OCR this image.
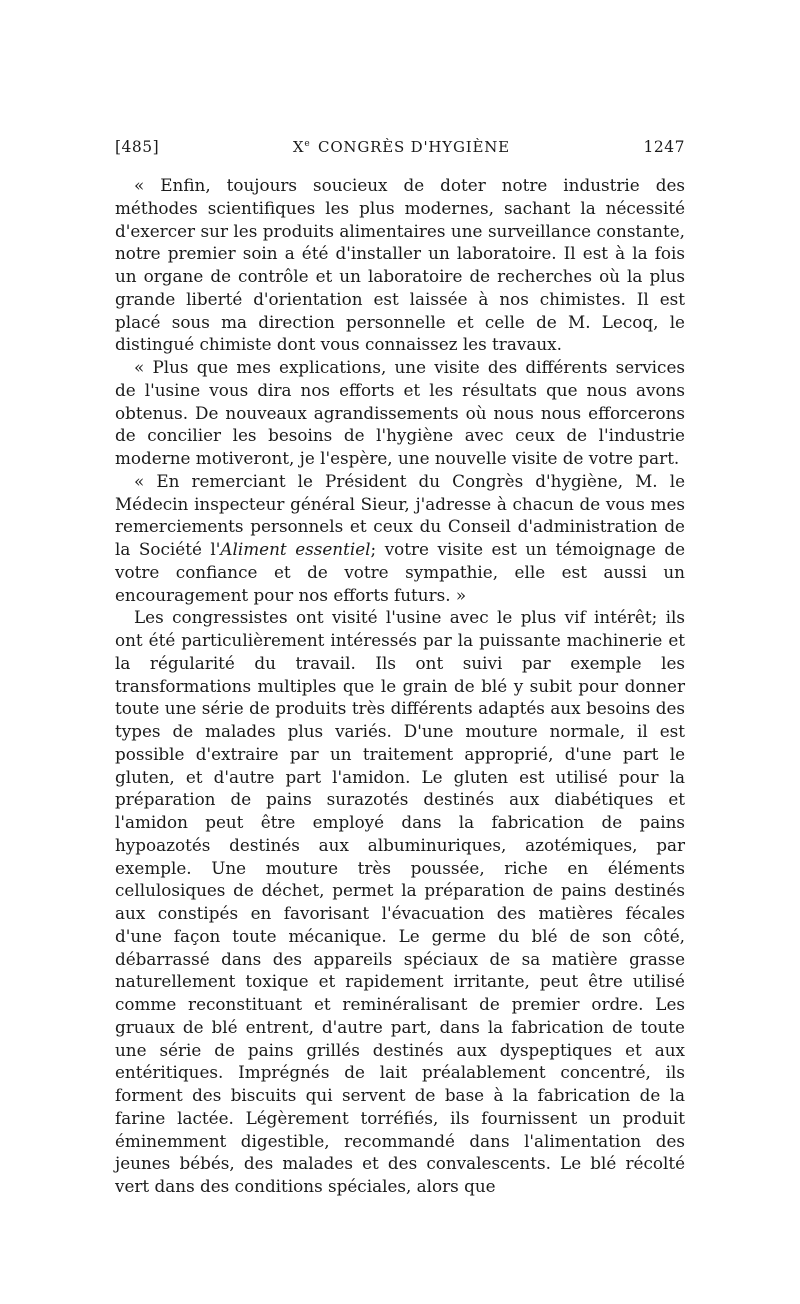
[485]	Xe CONGRÈS D'HYGIÈNE	1247

« Enfin, toujours soucieux de doter notre industrie des méthodes scientifiques les plus modernes, sachant la nécessité d'exercer sur les produits alimentaires une surveillance constante, notre premier soin a été d'installer un laboratoire. Il est à la fois un organe de contrôle et un laboratoire de recherches où la plus grande liberté d'orientation est laissée à nos chimistes. Il est placé sous ma direction personnelle et celle de M. Lecoq, le distingué chimiste dont vous connaissez les travaux.

« Plus que mes explications, une visite des différents services de l'usine vous dira nos efforts et les résultats que nous avons obtenus. De nouveaux agrandissements où nous nous efforcerons de concilier les besoins de l'hygiène avec ceux de l'industrie moderne motiveront, je l'espère, une nouvelle visite de votre part.

« En remerciant le Président du Congrès d'hygiène, M. le Médecin inspecteur général Sieur, j'adresse à chacun de vous mes remerciements personnels et ceux du Conseil d'administration de la Société l'Aliment essentiel; votre visite est un témoignage de votre confiance et de votre sympathie, elle est aussi un encouragement pour nos efforts futurs. »

Les congressistes ont visité l'usine avec le plus vif intérêt; ils ont été particulièrement intéressés par la puissante machinerie et la régularité du travail. Ils ont suivi par exemple les transformations multiples que le grain de blé y subit pour donner toute une série de produits très différents adaptés aux besoins des types de malades plus variés. D'une mouture normale, il est possible d'extraire par un traitement approprié, d'une part le gluten, et d'autre part l'amidon. Le gluten est utilisé pour la préparation de pains surazotés destinés aux diabétiques et l'amidon peut être employé dans la fabrication de pains hypoazotés destinés aux albuminuriques, azotémiques, par exemple. Une mouture très poussée, riche en éléments cellulosiques de déchet, permet la préparation de pains destinés aux constipés en favorisant l'évacuation des matières fécales d'une façon toute mécanique. Le germe du blé de son côté, débarrassé dans des appareils spéciaux de sa matière grasse naturellement toxique et rapidement irritante, peut être utilisé comme reconstituant et reminéralisant de premier ordre. Les gruaux de blé entrent, d'autre part, dans la fabrication de toute une série de pains grillés destinés aux dyspeptiques et aux entéritiques. Imprégnés de lait préalablement concentré, ils forment des biscuits qui servent de base à la fabrication de la farine lactée. Légèrement torréfiés, ils fournissent un produit éminemment digestible, recommandé dans l'alimentation des jeunes bébés, des malades et des convalescents. Le blé récolté vert dans des conditions spéciales, alors que
